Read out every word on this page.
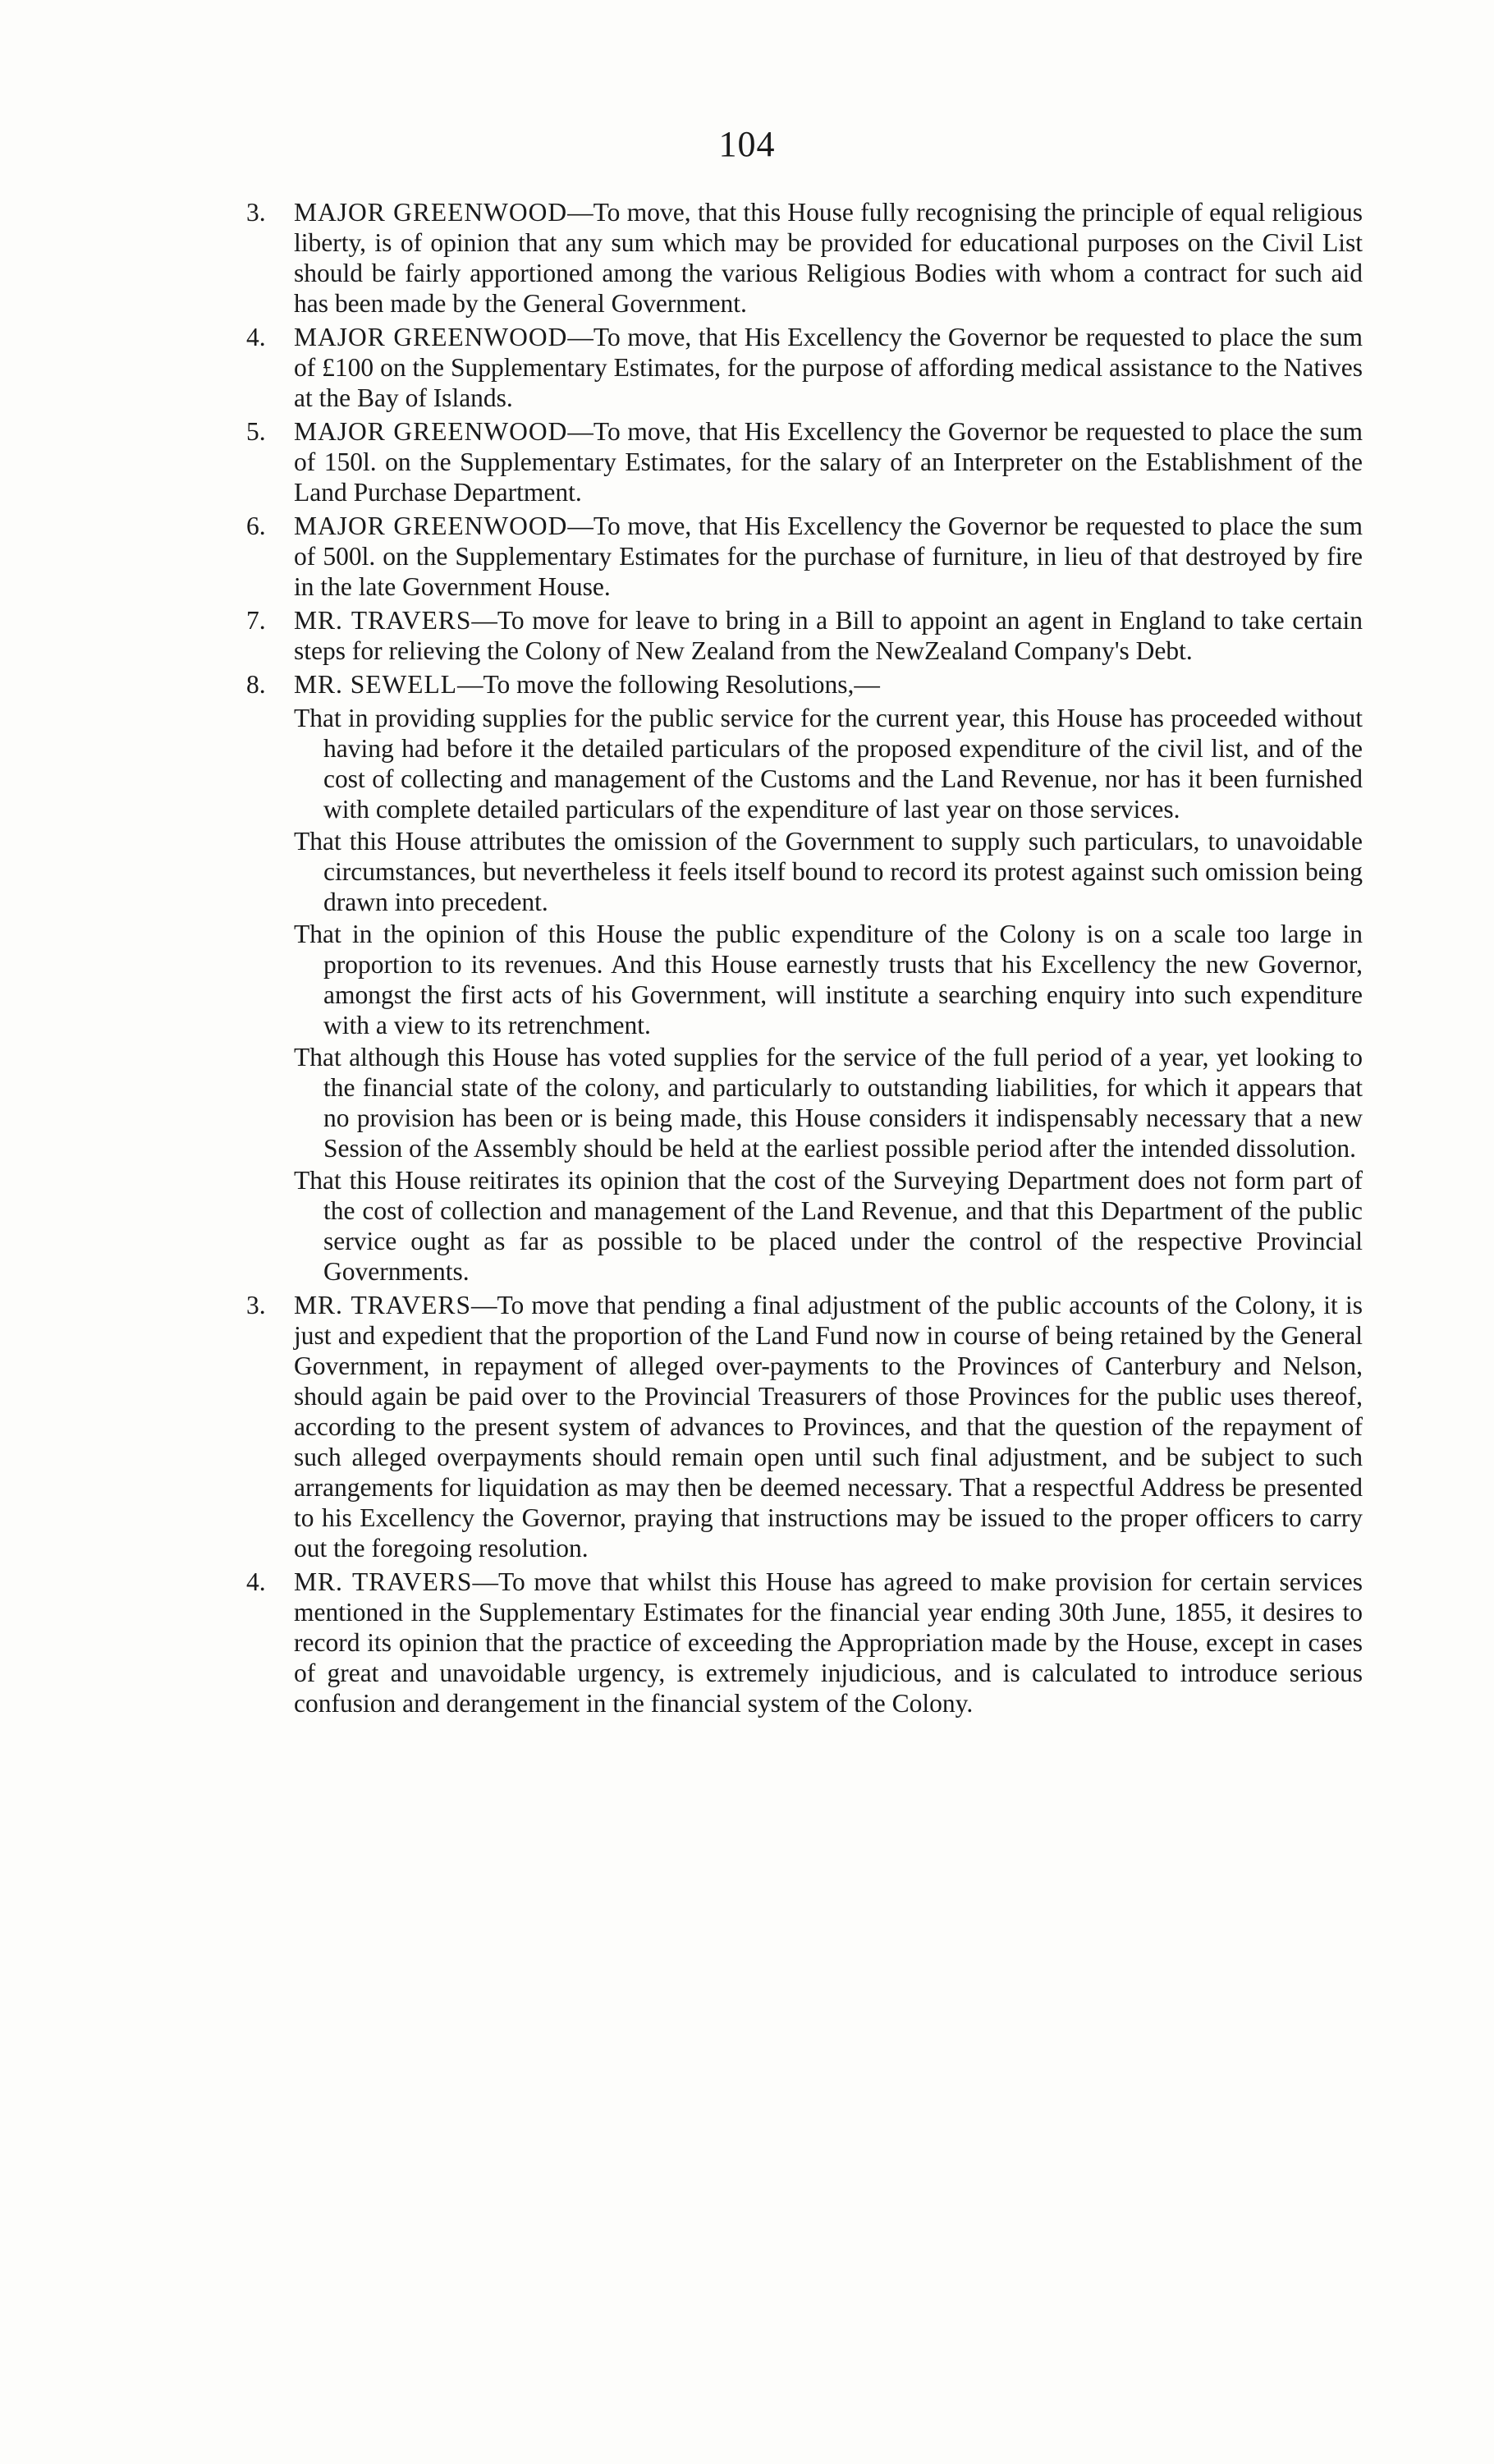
104
3. MAJOR GREENWOOD—To move, that this House fully recognising the principle of equal religious liberty, is of opinion that any sum which may be provided for educational purposes on the Civil List should be fairly apportioned among the various Religious Bodies with whom a contract for such aid has been made by the General Government.
4. MAJOR GREENWOOD—To move, that His Excellency the Governor be requested to place the sum of £100 on the Supplementary Estimates, for the purpose of affording medical assistance to the Natives at the Bay of Islands.
5. MAJOR GREENWOOD—To move, that His Excellency the Governor be requested to place the sum of 150l. on the Supplementary Estimates, for the salary of an Interpreter on the Establishment of the Land Purchase Department.
6. MAJOR GREENWOOD—To move, that His Excellency the Governor be requested to place the sum of 500l. on the Supplementary Estimates for the purchase of furniture, in lieu of that destroyed by fire in the late Government House.
7. MR. TRAVERS—To move for leave to bring in a Bill to appoint an agent in England to take certain steps for relieving the Colony of New Zealand from the NewZealand Company's Debt.
8. MR. SEWELL—To move the following Resolutions,—

That in providing supplies for the public service for the current year, this House has proceeded without having had before it the detailed particulars of the proposed expenditure of the civil list, and of the cost of collecting and management of the Customs and the Land Revenue, nor has it been furnished with complete detailed particulars of the expenditure of last year on those services.

That this House attributes the omission of the Government to supply such particulars, to unavoidable circumstances, but nevertheless it feels itself bound to record its protest against such omission being drawn into precedent.

That in the opinion of this House the public expenditure of the Colony is on a scale too large in proportion to its revenues. And this House earnestly trusts that his Excellency the new Governor, amongst the first acts of his Government, will institute a searching enquiry into such expenditure with a view to its retrenchment.

That although this House has voted supplies for the service of the full period of a year, yet looking to the financial state of the colony, and particularly to outstanding liabilities, for which it appears that no provision has been or is being made, this House considers it indispensably necessary that a new Session of the Assembly should be held at the earliest possible period after the intended dissolution.

That this House reitirates its opinion that the cost of the Surveying Department does not form part of the cost of collection and management of the Land Revenue, and that this Department of the public service ought as far as possible to be placed under the control of the respective Provincial Governments.

3. MR. TRAVERS—To move that pending a final adjustment of the public accounts of the Colony, it is just and expedient that the proportion of the Land Fund now in course of being retained by the General Government, in repayment of alleged over-payments to the Provinces of Canterbury and Nelson, should again be paid over to the Provincial Treasurers of those Provinces for the public uses thereof, according to the present system of advances to Provinces, and that the question of the repayment of such alleged overpayments should remain open until such final adjustment, and be subject to such arrangements for liquidation as may then be deemed necessary. That a respectful Address be presented to his Excellency the Governor, praying that instructions may be issued to the proper officers to carry out the foregoing resolution.
4. MR. TRAVERS—To move that whilst this House has agreed to make provision for certain services mentioned in the Supplementary Estimates for the financial year ending 30th June, 1855, it desires to record its opinion that the practice of exceeding the Appropriation made by the House, except in cases of great and unavoidable urgency, is extremely injudicious, and is calculated to introduce serious confusion and derangement in the financial system of the Colony.
